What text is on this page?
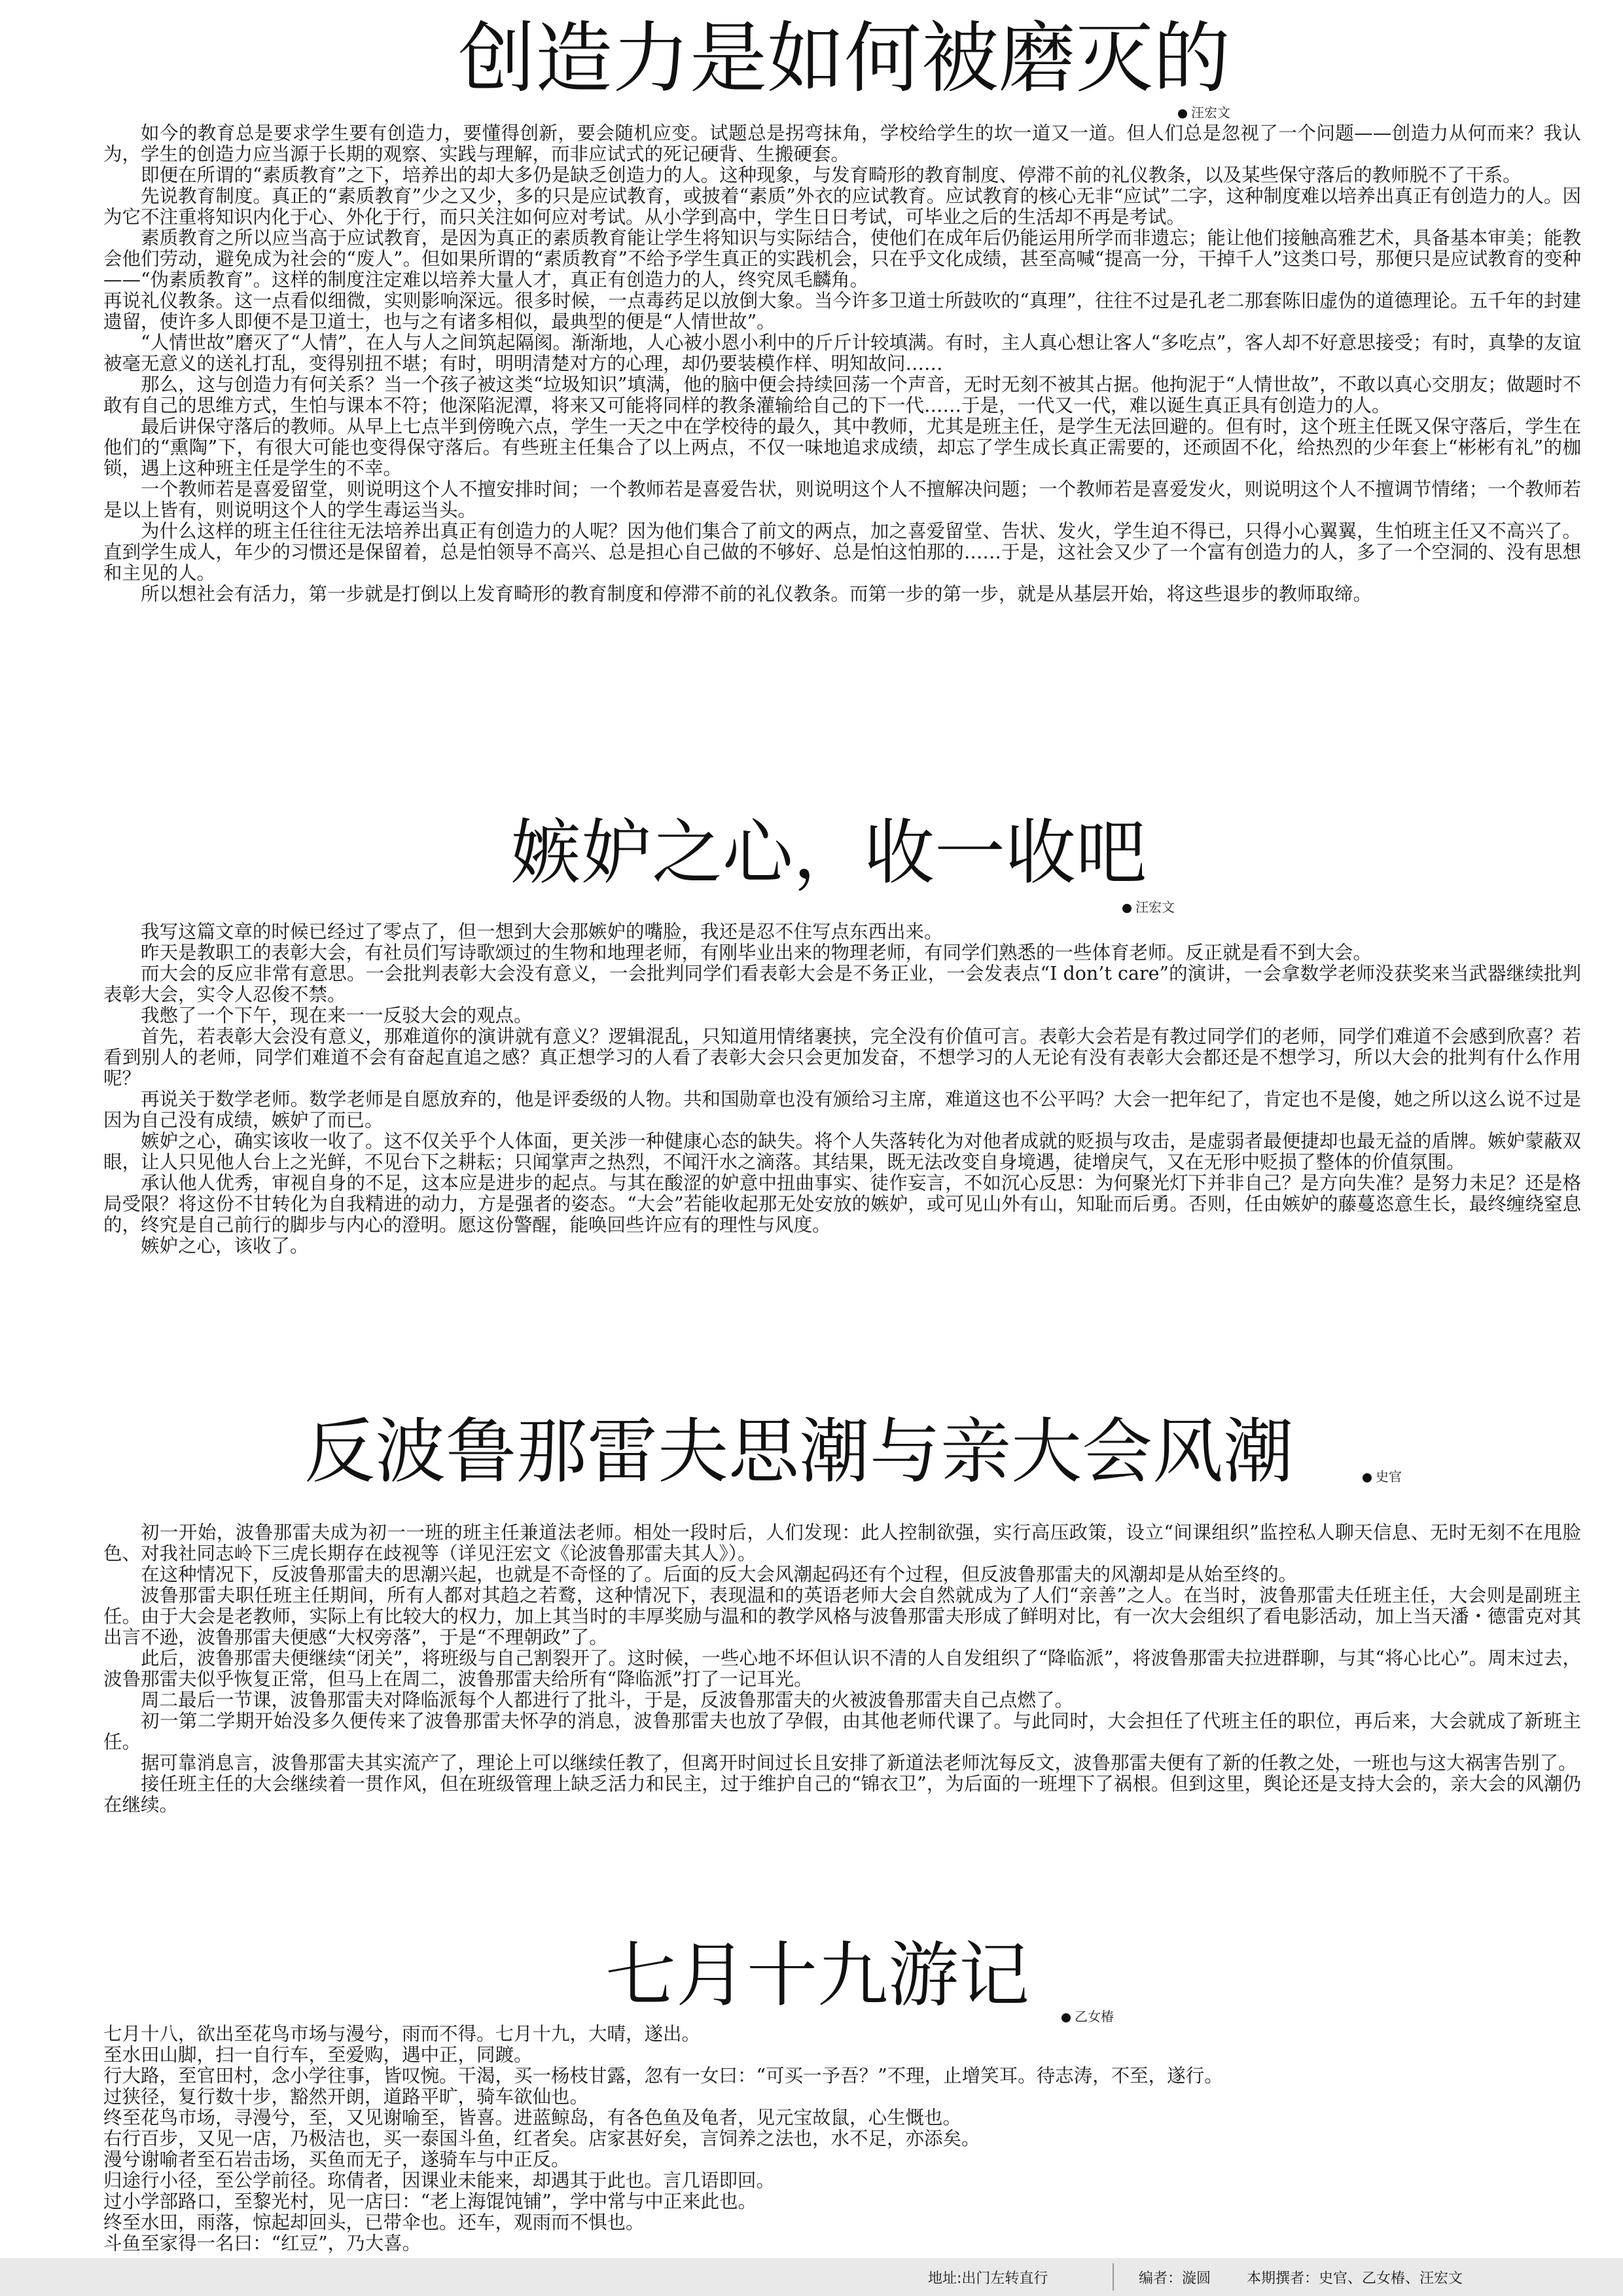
创造力是如何被磨灭的
汪宏文

如今的教育总是要求学生要有创造力，要懂得创新，要会随机应变。试题总是拐弯抹角，学校给学生的坎一道又一道。但人们总是忽视了一个问题——创造力从何而来？我认为，学生的创造力应当源于长期的观察、实践与理解，而非应试式的死记硬背、生搬硬套。

即便在所谓的“素质教育”之下，培养出的却大多仍是缺乏创造力的人。这种现象，与发育畸形的教育制度、停滞不前的礼仪教条，以及某些保守落后的教师脱不了干系。

先说教育制度。真正的“素质教育”少之又少，多的只是应试教育，或披着“素质”外衣的应试教育。应试教育的核心无非“应试”二字，这种制度难以培养出真正有创造力的人。因为它不注重将知识内化于心、外化于行，而只关注如何应对考试。从小学到高中，学生日日考试，可毕业之后的生活却不再是考试。

素质教育之所以应当高于应试教育，是因为真正的素质教育能让学生将知识与实际结合，使他们在成年后仍能运用所学而非遗忘；能让他们接触高雅艺术，具备基本审美；能教会他们劳动，避免成为社会的“废人”。但如果所谓的“素质教育”不给予学生真正的实践机会，只在乎文化成绩，甚至高喊“提高一分，干掉千人”这类口号，那便只是应试教育的变种——“伪素质教育”。这样的制度注定难以培养大量人才，真正有创造力的人，终究凤毛麟角。

再说礼仪教条。这一点看似细微，实则影响深远。很多时候，一点毒药足以放倒大象。当今许多卫道士所鼓吹的“真理”，往往不过是孔老二那套陈旧虚伪的道德理论。五千年的封建遗留，使许多人即便不是卫道士，也与之有诸多相似，最典型的便是“人情世故”。

“人情世故”磨灭了“人情”，在人与人之间筑起隔阂。渐渐地，人心被小恩小利中的斤斤计较填满。有时，主人真心想让客人“多吃点”，客人却不好意思接受；有时，真挚的友谊被毫无意义的送礼打乱，变得别扭不堪；有时，明明清楚对方的心理，却仍要装模作样、明知故问……

那么，这与创造力有何关系？当一个孩子被这类“垃圾知识”填满，他的脑中便会持续回荡一个声音，无时无刻不被其占据。他拘泥于“人情世故”，不敢以真心交朋友；做题时不敢有自己的思维方式，生怕与课本不符；他深陷泥潭，将来又可能将同样的教条灌输给自己的下一代……于是，一代又一代，难以诞生真正具有创造力的人。

最后讲保守落后的教师。从早上七点半到傍晚六点，学生一天之中在学校待的最久，其中教师，尤其是班主任，是学生无法回避的。但有时，这个班主任既又保守落后，学生在他们的“熏陶”下，有很大可能也变得保守落后。有些班主任集合了以上两点，不仅一味地追求成绩，却忘了学生成长真正需要的，还顽固不化，给热烈的少年套上“彬彬有礼”的枷锁，遇上这种班主任是学生的不幸。

一个教师若是喜爱留堂，则说明这个人不擅安排时间；一个教师若是喜爱告状，则说明这个人不擅解决问题；一个教师若是喜爱发火，则说明这个人不擅调节情绪；一个教师若是以上皆有，则说明这个人的学生毒运当头。

为什么这样的班主任往往无法培养出真正有创造力的人呢？因为他们集合了前文的两点，加之喜爱留堂、告状、发火，学生迫不得已，只得小心翼翼，生怕班主任又不高兴了。直到学生成人，年少的习惯还是保留着，总是怕领导不高兴、总是担心自己做的不够好、总是怕这怕那的……于是，这社会又少了一个富有创造力的人，多了一个空洞的、没有思想和主见的人。

所以想社会有活力，第一步就是打倒以上发育畸形的教育制度和停滞不前的礼仪教条。而第一步的第一步，就是从基层开始，将这些退步的教师取缔。

嫉妒之心，收一收吧
汪宏文

我写这篇文章的时候已经过了零点了，但一想到大会那嫉妒的嘴脸，我还是忍不住写点东西出来。

昨天是教职工的表彰大会，有社员们写诗歌颂过的生物和地理老师，有刚毕业出来的物理老师，有同学们熟悉的一些体育老师。反正就是看不到大会。

而大会的反应非常有意思。一会批判表彰大会没有意义，一会批判同学们看表彰大会是不务正业，一会发表点“I don’t care”的演讲，一会拿数学老师没获奖来当武器继续批判表彰大会，实令人忍俊不禁。

我憋了一个下午，现在来一一反驳大会的观点。

首先，若表彰大会没有意义，那难道你的演讲就有意义？逻辑混乱，只知道用情绪裹挟，完全没有价值可言。表彰大会若是有教过同学们的老师，同学们难道不会感到欣喜？若看到别人的老师，同学们难道不会有奋起直追之感？真正想学习的人看了表彰大会只会更加发奋，不想学习的人无论有没有表彰大会都还是不想学习，所以大会的批判有什么作用呢？

再说关于数学老师。数学老师是自愿放弃的，他是评委级的人物。共和国勋章也没有颁给习主席，难道这也不公平吗？大会一把年纪了，肯定也不是傻，她之所以这么说不过是因为自己没有成绩，嫉妒了而已。

嫉妒之心，确实该收一收了。这不仅关乎个人体面，更关涉一种健康心态的缺失。将个人失落转化为对他者成就的贬损与攻击，是虚弱者最便捷却也最无益的盾牌。嫉妒蒙蔽双眼，让人只见他人台上之光鲜，不见台下之耕耘；只闻掌声之热烈，不闻汗水之滴落。其结果，既无法改变自身境遇，徒增戾气，又在无形中贬损了整体的价值氛围。

承认他人优秀，审视自身的不足，这本应是进步的起点。与其在酸涩的妒意中扭曲事实、徒作妄言，不如沉心反思：为何聚光灯下并非自己？是方向失准？是努力未足？还是格局受限？将这份不甘转化为自我精进的动力，方是强者的姿态。“大会”若能收起那无处安放的嫉妒，或可见山外有山，知耻而后勇。否则，任由嫉妒的藤蔓恣意生长，最终缠绕窒息的，终究是自己前行的脚步与内心的澄明。愿这份警醒，能唤回些许应有的理性与风度。

嫉妒之心，该收了。

反波鲁那雷夫思潮与亲大会风潮	史官

初一开始，波鲁那雷夫成为初一一班的班主任兼道法老师。相处一段时后，人们发现：此人控制欲强，实行高压政策，设立“间课组织”监控私人聊天信息、无时无刻不在甩脸色、对我社同志岭下三虎长期存在歧视等（详见汪宏文《论波鲁那雷夫其人》）。

在这种情况下，反波鲁那雷夫的思潮兴起，也就是不奇怪的了。后面的反大会风潮起码还有个过程，但反波鲁那雷夫的风潮却是从始至终的。

波鲁那雷夫职任班主任期间，所有人都对其趋之若鹜，这种情况下，表现温和的英语老师大会自然就成为了人们“亲善”之人。在当时，波鲁那雷夫任班主任，大会则是副班主任。由于大会是老教师，实际上有比较大的权力，加上其当时的丰厚奖励与温和的教学风格与波鲁那雷夫形成了鲜明对比，有一次大会组织了看电影活动，加上当天潘・德雷克对其出言不逊，波鲁那雷夫便感“大权旁落”，于是“不理朝政”了。

此后，波鲁那雷夫便继续“闭关”，将班级与自己割裂开了。这时候，一些心地不坏但认识不清的人自发组织了“降临派”，将波鲁那雷夫拉进群聊，与其“将心比心”。周末过去，波鲁那雷夫似乎恢复正常，但马上在周二，波鲁那雷夫给所有“降临派”打了一记耳光。

周二最后一节课，波鲁那雷夫对降临派每个人都进行了批斗，于是，反波鲁那雷夫的火被波鲁那雷夫自己点燃了。

初一第二学期开始没多久便传来了波鲁那雷夫怀孕的消息，波鲁那雷夫也放了孕假，由其他老师代课了。与此同时，大会担任了代班主任的职位，再后来，大会就成了新班主任。

据可靠消息言，波鲁那雷夫其实流产了，理论上可以继续任教了，但离开时间过长且安排了新道法老师沈每反文，波鲁那雷夫便有了新的任教之处，一班也与这大祸害告别了。

接任班主任的大会继续着一贯作风，但在班级管理上缺乏活力和民主，过于维护自己的“锦衣卫”，为后面的一班埋下了祸根。但到这里，舆论还是支持大会的，亲大会的风潮仍在继续。

七月十九游记	乙女椿

七月十八，欲出至花鸟市场与漫兮，雨而不得。七月十九，大晴，遂出。

至水田山脚，扫一自行车，至爱购，遇中正，同踱。

行大路，至官田村，念小学往事，皆叹惋。干渴，买一杨枝甘露，忽有一女曰：“可买一予吾？”不理，止增笑耳。待志涛，不至，遂行。

过狭径，复行数十步，豁然开朗，道路平旷，骑车欲仙也。

终至花鸟市场，寻漫兮，至，又见谢喻至，皆喜。进蓝鲸岛，有各色鱼及龟者，见元宝故鼠，心生慨也。

右行百步，又见一店，乃极洁也，买一泰国斗鱼，红者矣。店家甚好矣，言饲养之法也，水不足，亦添矣。

漫兮谢喻者至石岩击场，买鱼而无子，遂骑车与中正反。

归途行小径，至公学前径。珎倩者，因课业未能来，却遇其于此也。言几语即回。

过小学部路口，至黎光村，见一店曰：“老上海馄饨铺”，学中常与中正来此也。

终至水田，雨落，惊起却回头，已带伞也。还车，观雨而不惧也。

斗鱼至家得一名曰：“红豆”，乃大喜。

地址:出门左转直行	编者：漩圆 本期撰者：史官、乙女椿、汪宏文
